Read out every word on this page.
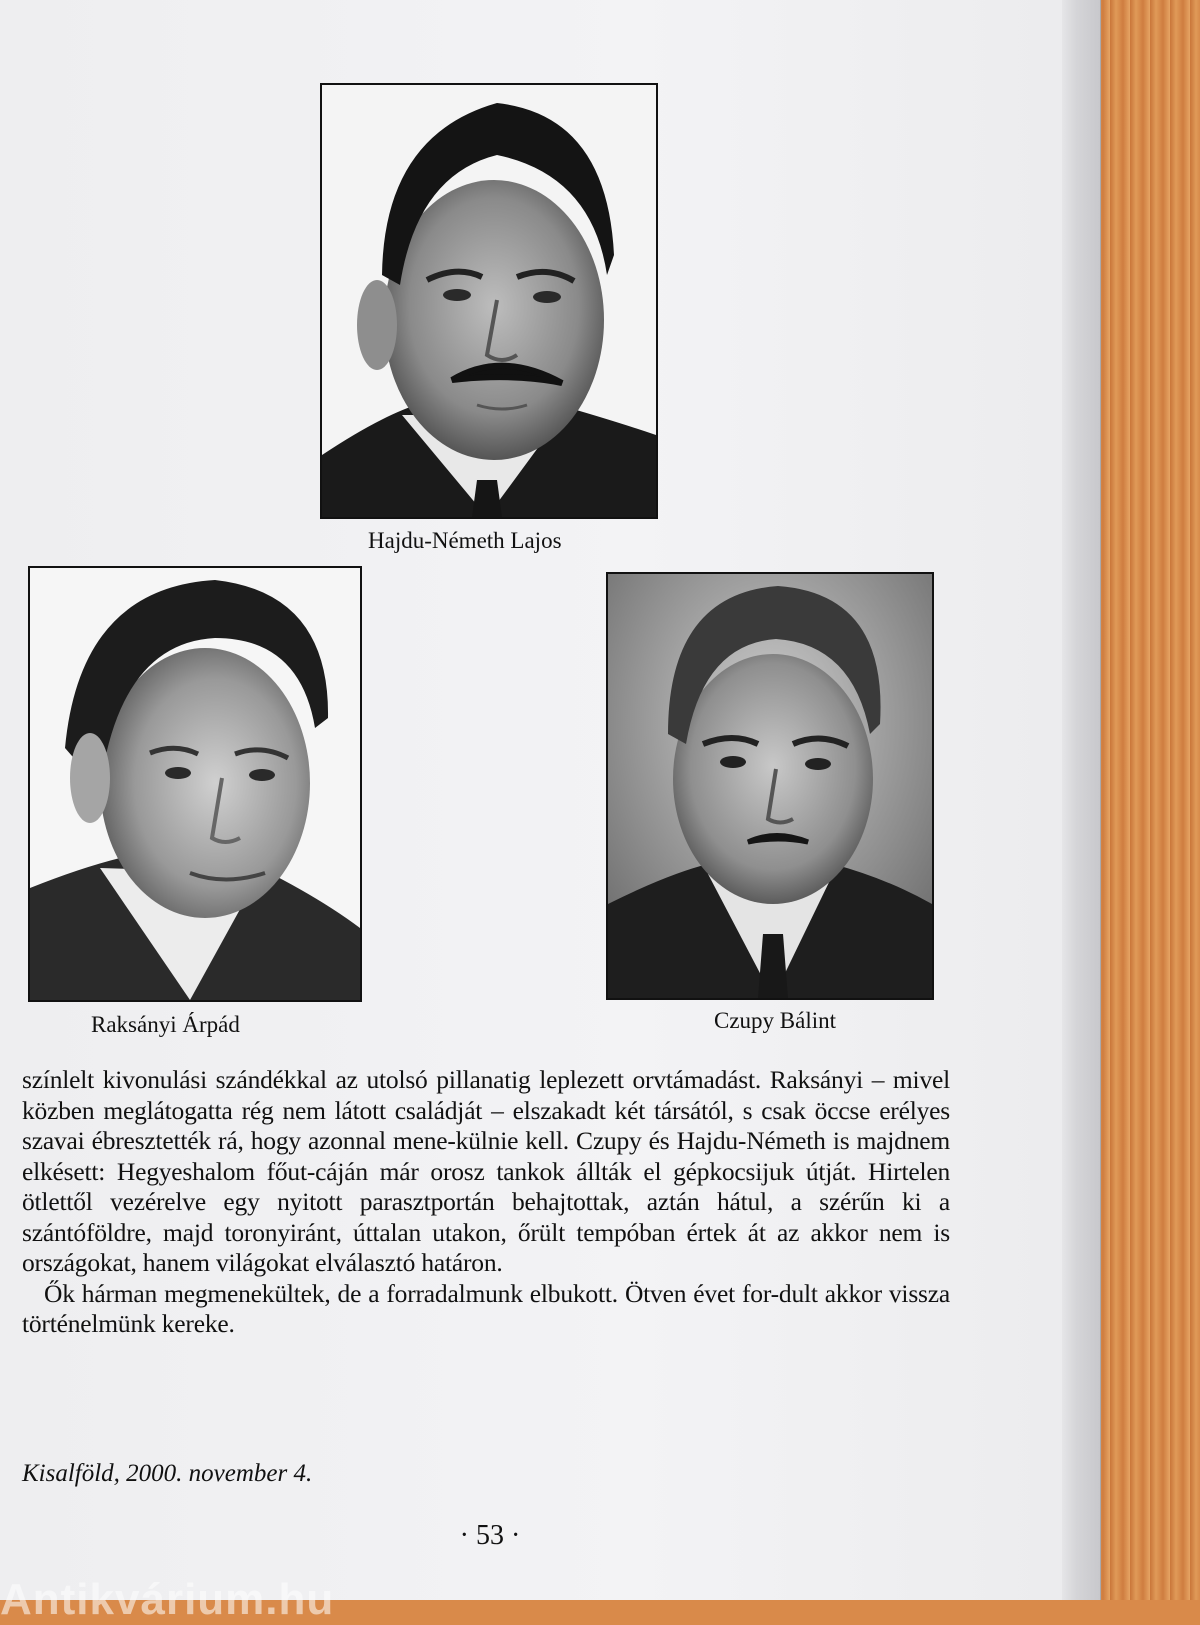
Hajdu-Németh Lajos
Raksányi Árpád	Czupy Bálint

színlelt kivonulási szándékkal az utolsó pillanatig leplezett orvtámadást. Raksányi – mivel közben meglátogatta rég nem látott családját – elszakadt két társától, s csak öccse erélyes szavai ébresztették rá, hogy azonnal mene-külnie kell. Czupy és Hajdu-Németh is majdnem elkésett: Hegyeshalom főut-cáján már orosz tankok állták el gépkocsijuk útját. Hirtelen ötlettől vezérelve egy nyitott parasztportán behajtottak, aztán hátul, a szérűn ki a szántóföldre, majd toronyiránt, úttalan utakon, őrült tempóban értek át az akkor nem is országokat, hanem világokat elválasztó határon.

Ők hárman megmenekültek, de a forradalmunk elbukott. Ötven évet for-dult akkor vissza történelmünk kereke.

Kisalföld, 2000. november 4.
· 53 ·
Antikvárium.hu
